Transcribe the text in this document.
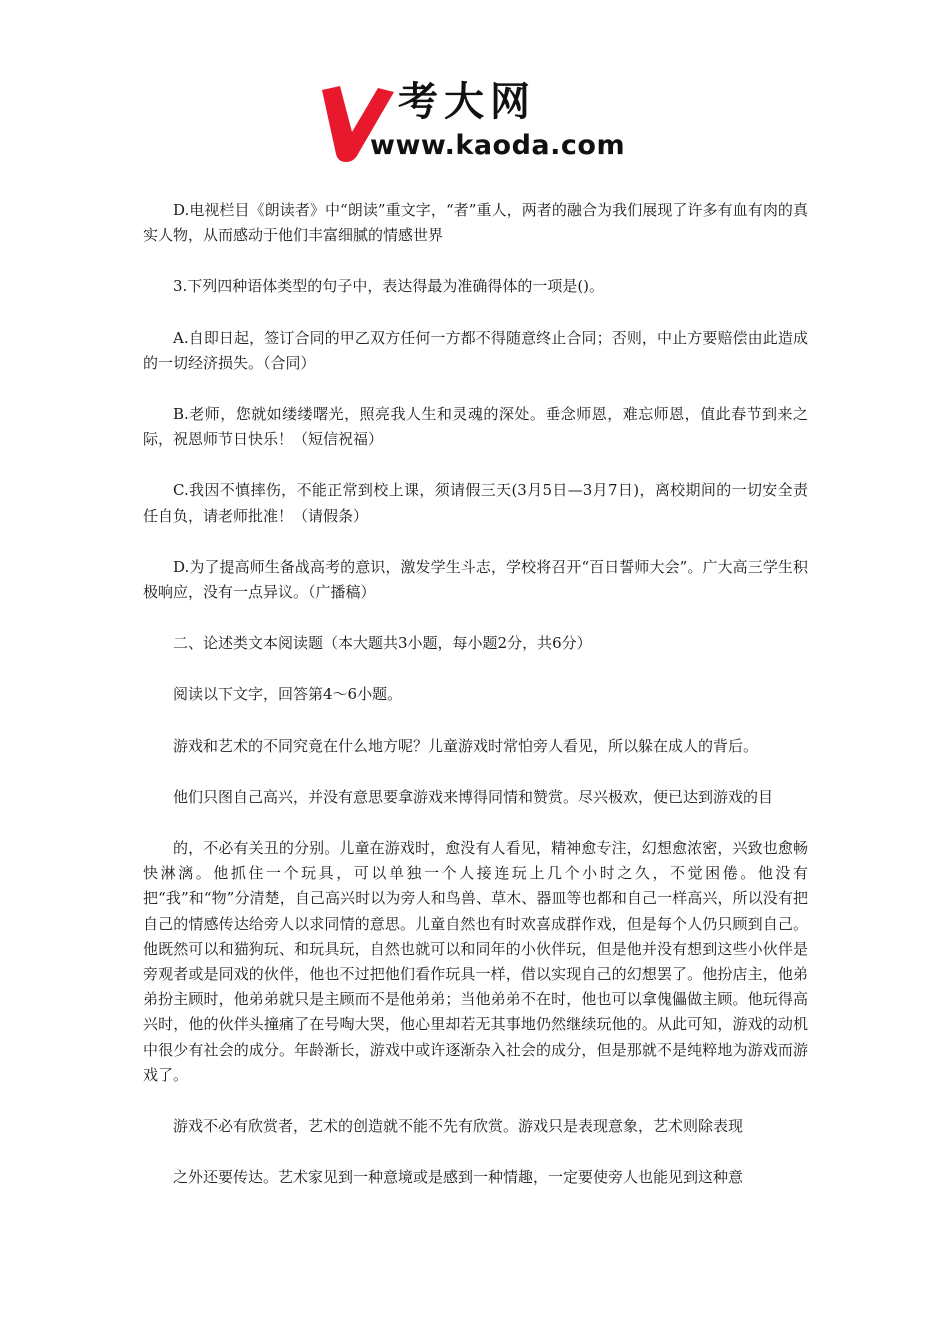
考大网
www.kaoda.com

D.电视栏目《朗读者》中“朗读”重文字，“者”重人，两者的融合为我们展现了许多有血有肉的真实人物，从而感动于他们丰富细腻的情感世界

3.下列四种语体类型的句子中，表达得最为准确得体的一项是()。

A.自即日起，签订合同的甲乙双方任何一方都不得随意终止合同；否则，中止方要赔偿由此造成的一切经济损失。（合同）

B.老师，您就如缕缕曙光，照亮我人生和灵魂的深处。垂念师恩，难忘师恩，值此春节到来之际，祝恩师节日快乐！（短信祝福）

C.我因不慎摔伤，不能正常到校上课，须请假三天(3月5日—3月7日)，离校期间的一切安全责任自负，请老师批准！（请假条）

D.为了提高师生备战高考的意识，激发学生斗志，学校将召开“百日誓师大会”。广大高三学生积极响应，没有一点异议。（广播稿）

二、论述类文本阅读题（本大题共3小题，每小题2分，共6分）

阅读以下文字，回答第4～6小题。

游戏和艺术的不同究竟在什么地方呢？儿童游戏时常怕旁人看见，所以躲在成人的背后。

他们只图自己高兴，并没有意思要拿游戏来博得同情和赞赏。尽兴极欢，便已达到游戏的目

的，不必有关丑的分别。儿童在游戏时，愈没有人看见，精神愈专注，幻想愈浓密，兴致也愈畅快淋漓。他抓住一个玩具，可以单独一个人接连玩上几个小时之久，不觉困倦。他没有把“我”和“物”分清楚，自己高兴时以为旁人和鸟兽、草木、器皿等也都和自己一样高兴，所以没有把自己的情感传达给旁人以求同情的意思。儿童自然也有时欢喜成群作戏，但是每个人仍只顾到自己。他既然可以和猫狗玩、和玩具玩，自然也就可以和同年的小伙伴玩，但是他并没有想到这些小伙伴是旁观者或是同戏的伙伴，他也不过把他们看作玩具一样，借以实现自己的幻想罢了。他扮店主，他弟弟扮主顾时，他弟弟就只是主顾而不是他弟弟；当他弟弟不在时，他也可以拿傀儡做主顾。他玩得高兴时，他的伙伴头撞痛了在号啕大哭，他心里却若无其事地仍然继续玩他的。从此可知，游戏的动机中很少有社会的成分。年龄渐长，游戏中或许逐渐杂入社会的成分，但是那就不是纯粹地为游戏而游戏了。

游戏不必有欣赏者，艺术的创造就不能不先有欣赏。游戏只是表现意象，艺术则除表现

之外还要传达。艺术家见到一种意境或是感到一种情趣，一定要使旁人也能见到这种意
